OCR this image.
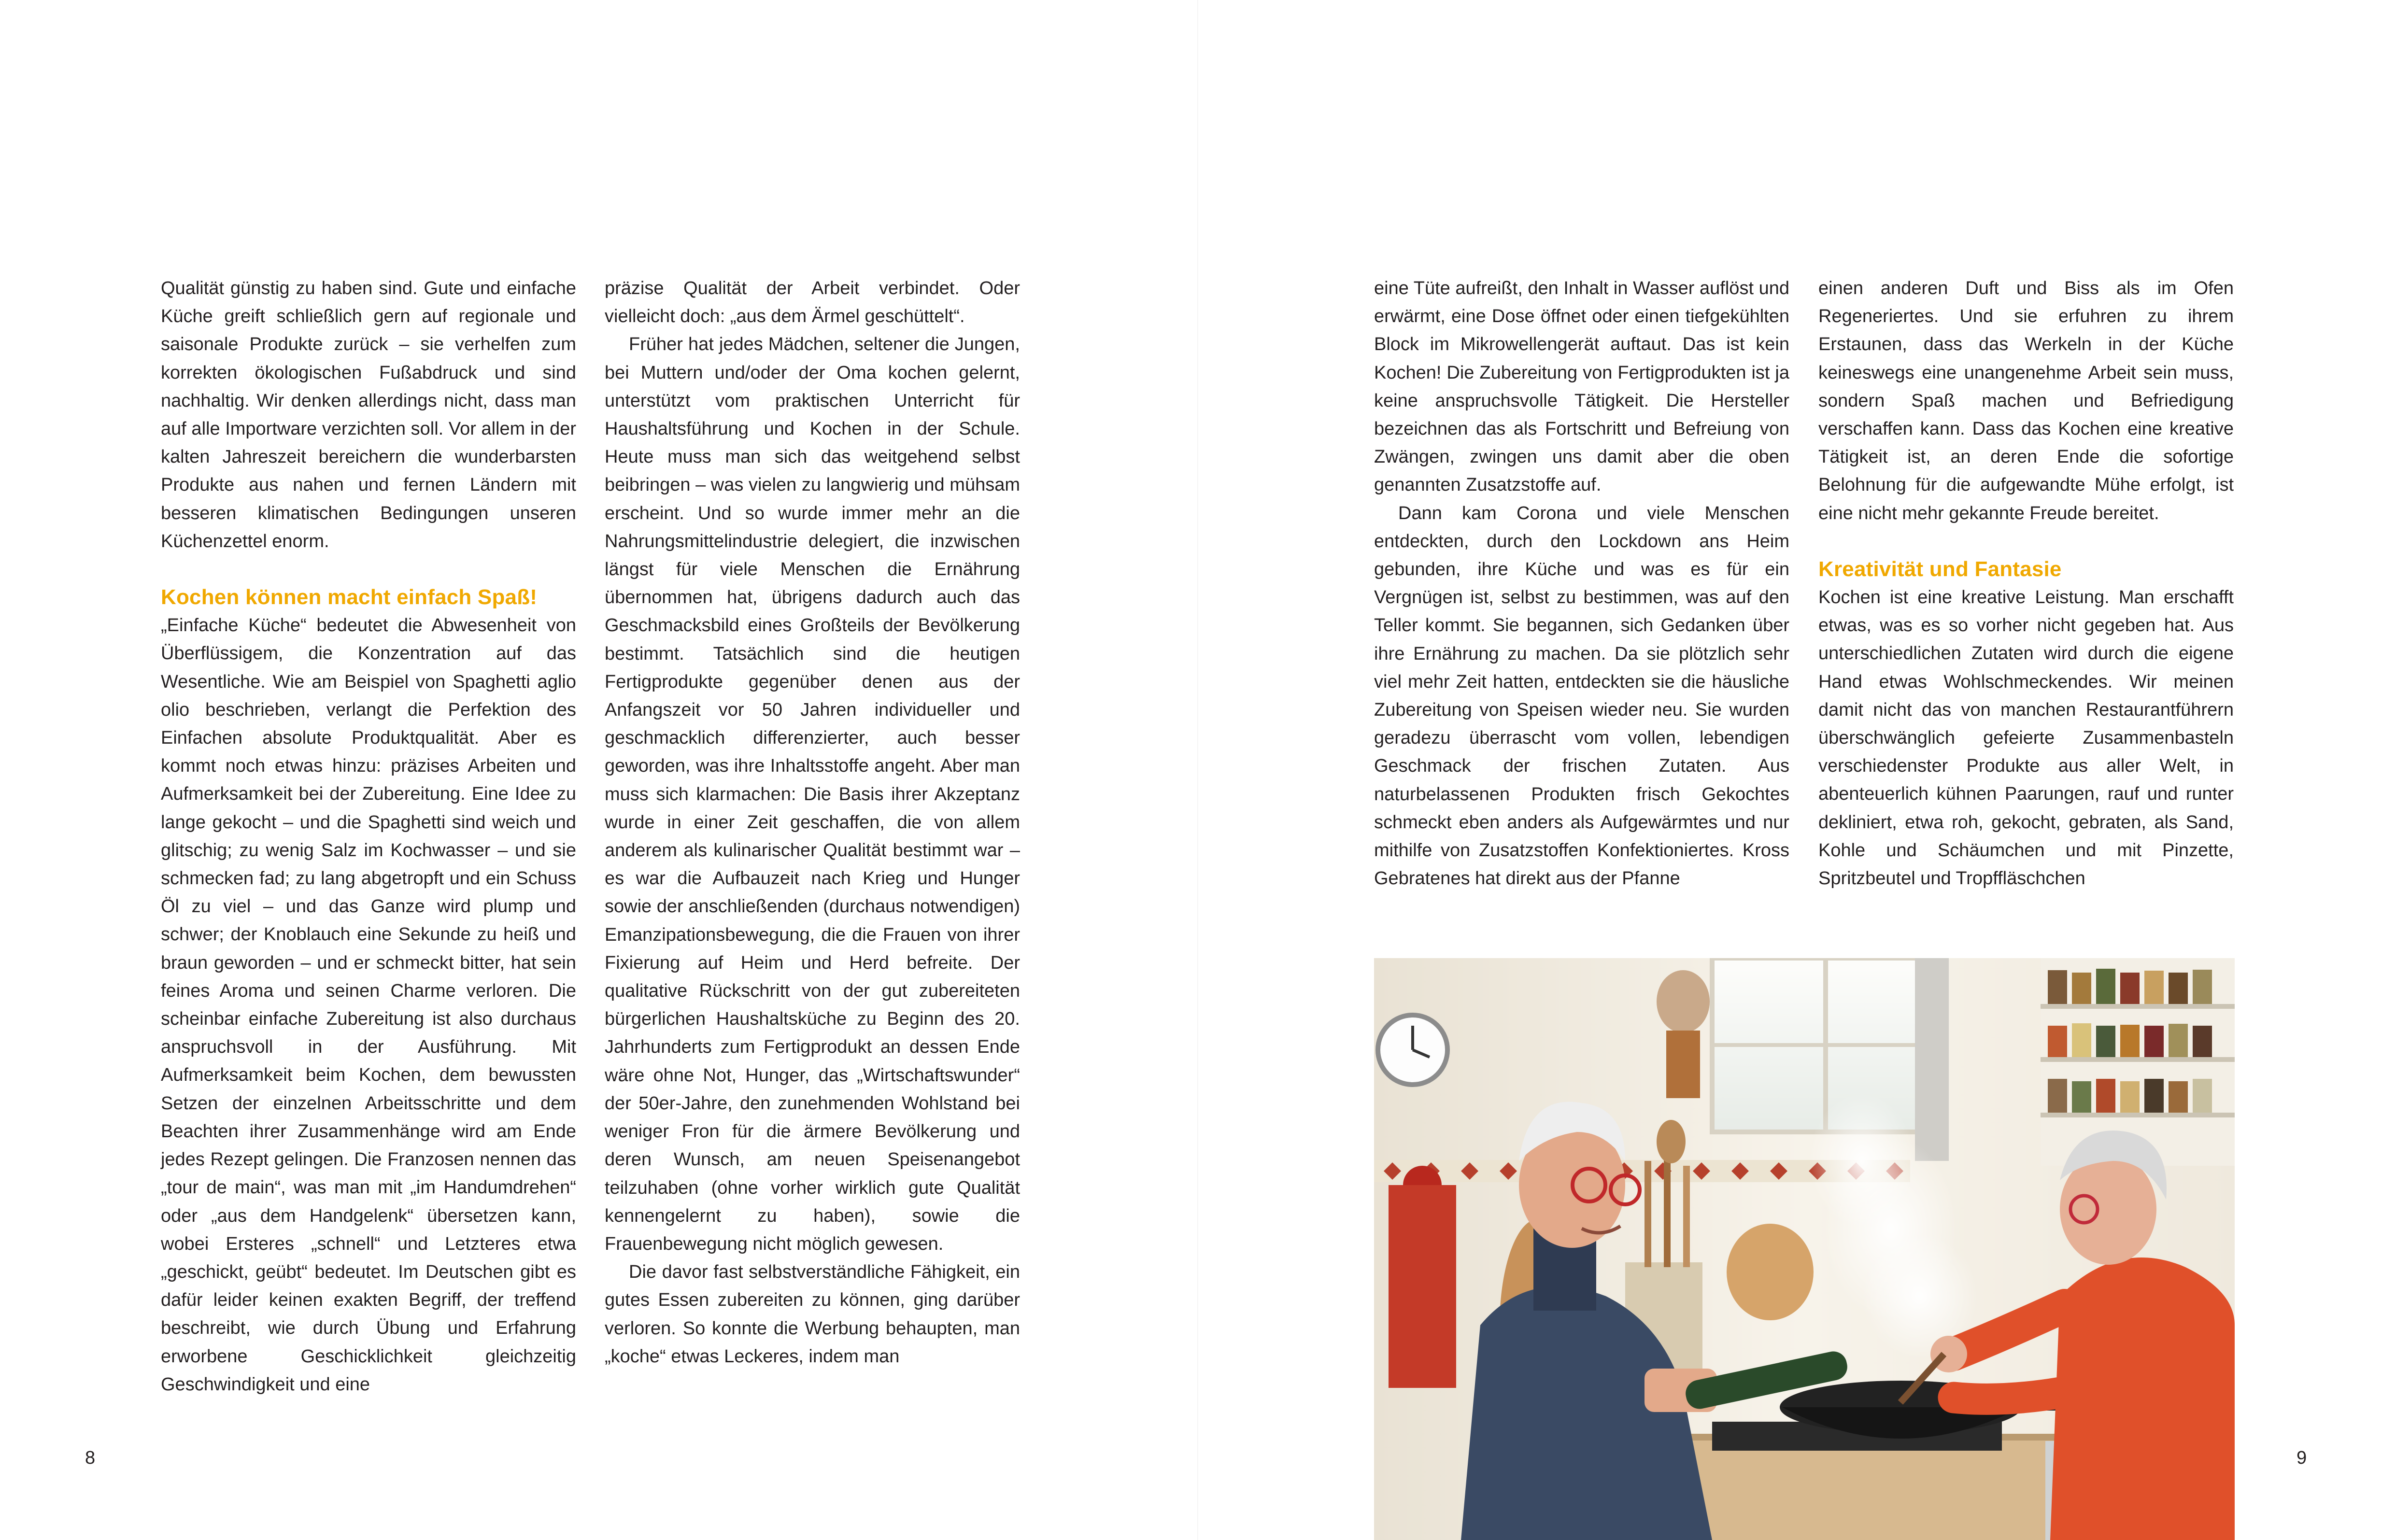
Qualität günstig zu haben sind. Gute und einfache Küche greift schließlich gern auf regionale und saisonale Produkte zurück – sie verhelfen zum korrekten ökologischen Fußabdruck und sind nachhaltig. Wir denken allerdings nicht, dass man auf alle Importware verzichten soll. Vor allem in der kalten Jahreszeit bereichern die wunderbarsten Produkte aus nahen und fernen Ländern mit besseren klimatischen Bedingungen unseren Küchenzettel enorm.

Kochen können macht einfach Spaß!

„Einfache Küche“ bedeutet die Abwesenheit von Überflüssigem, die Konzentration auf das Wesentliche. Wie am Beispiel von Spaghetti aglio olio beschrieben, verlangt die Perfektion des Einfachen absolute Produktqualität. Aber es kommt noch etwas hinzu: präzises Arbeiten und Aufmerksamkeit bei der Zubereitung. Eine Idee zu lange gekocht – und die Spaghetti sind weich und glitschig; zu wenig Salz im Kochwasser – und sie schmecken fad; zu lang abgetropft und ein Schuss Öl zu viel – und das Ganze wird plump und schwer; der Knoblauch eine Sekunde zu heiß und braun geworden – und er schmeckt bitter, hat sein feines Aroma und seinen Charme verloren. Die scheinbar einfache Zubereitung ist also durchaus anspruchsvoll in der Ausführung. Mit Aufmerksamkeit beim Kochen, dem bewussten Setzen der einzelnen Arbeitsschritte und dem Beachten ihrer Zusammenhänge wird am Ende jedes Rezept gelingen. Die Franzosen nennen das „tour de main“, was man mit „im Handumdrehen“ oder „aus dem Handgelenk“ übersetzen kann, wobei Ersteres „schnell“ und Letzteres etwa „geschickt, geübt“ bedeutet. Im Deutschen gibt es dafür leider keinen exakten Begriff, der treffend beschreibt, wie durch Übung und Erfahrung erworbene Geschicklichkeit gleichzeitig Geschwindigkeit und eine

präzise Qualität der Arbeit verbindet. Oder vielleicht doch: „aus dem Ärmel geschüttelt“.

Früher hat jedes Mädchen, seltener die Jungen, bei Muttern und/oder der Oma kochen gelernt, unterstützt vom praktischen Unterricht für Haushaltsführung und Kochen in der Schule. Heute muss man sich das weitgehend selbst beibringen – was vielen zu langwierig und mühsam erscheint. Und so wurde immer mehr an die Nahrungsmittelindustrie delegiert, die inzwischen längst für viele Menschen die Ernährung übernommen hat, übrigens dadurch auch das Geschmacksbild eines Großteils der Bevölkerung bestimmt. Tatsächlich sind die heutigen Fertigprodukte gegenüber denen aus der Anfangszeit vor 50 Jahren individueller und geschmacklich differenzierter, auch besser geworden, was ihre Inhaltsstoffe angeht. Aber man muss sich klarmachen: Die Basis ihrer Akzeptanz wurde in einer Zeit geschaffen, die von allem anderem als kulinarischer Qualität bestimmt war – es war die Aufbauzeit nach Krieg und Hunger sowie der anschließenden (durchaus notwendigen) Emanzipationsbewegung, die die Frauen von ihrer Fixierung auf Heim und Herd befreite. Der qualitative Rückschritt von der gut zubereiteten bürgerlichen Haushaltsküche zu Beginn des 20. Jahrhunderts zum Fertigprodukt an dessen Ende wäre ohne Not, Hunger, das „Wirtschaftswunder“ der 50er-Jahre, den zunehmenden Wohlstand bei weniger Fron für die ärmere Bevölkerung und deren Wunsch, am neuen Speisenangebot teilzuhaben (ohne vorher wirklich gute Qualität kennengelernt zu haben), sowie die Frauenbewegung nicht möglich gewesen.

Die davor fast selbstverständliche Fähigkeit, ein gutes Essen zubereiten zu können, ging darüber verloren. So konnte die Werbung behaupten, man „koche“ etwas Leckeres, indem man

8

eine Tüte aufreißt, den Inhalt in Wasser auflöst und erwärmt, eine Dose öffnet oder einen tiefgekühlten Block im Mikrowellengerät auftaut. Das ist kein Kochen! Die Zubereitung von Fertigprodukten ist ja keine anspruchsvolle Tätigkeit. Die Hersteller bezeichnen das als Fortschritt und Befreiung von Zwängen, zwingen uns damit aber die oben genannten Zusatzstoffe auf.

Dann kam Corona und viele Menschen entdeckten, durch den Lockdown ans Heim gebunden, ihre Küche und was es für ein Vergnügen ist, selbst zu bestimmen, was auf den Teller kommt. Sie begannen, sich Gedanken über ihre Ernährung zu machen. Da sie plötzlich sehr viel mehr Zeit hatten, entdeckten sie die häusliche Zubereitung von Speisen wieder neu. Sie wurden geradezu überrascht vom vollen, lebendigen Geschmack der frischen Zutaten. Aus naturbelassenen Produkten frisch Gekochtes schmeckt eben anders als Aufgewärmtes und nur mithilfe von Zusatzstoffen Konfektioniertes. Kross Gebratenes hat direkt aus der Pfanne

einen anderen Duft und Biss als im Ofen Regeneriertes. Und sie erfuhren zu ihrem Erstaunen, dass das Werkeln in der Küche keineswegs eine unangenehme Arbeit sein muss, sondern Spaß machen und Befriedigung verschaffen kann. Dass das Kochen eine kreative Tätigkeit ist, an deren Ende die sofortige Belohnung für die aufgewandte Mühe erfolgt, ist eine nicht mehr gekannte Freude bereitet.

Kreativität und Fantasie

Kochen ist eine kreative Leistung. Man erschafft etwas, was es so vorher nicht gegeben hat. Aus unterschiedlichen Zutaten wird durch die eigene Hand etwas Wohlschmeckendes. Wir meinen damit nicht das von manchen Restaurantführern überschwänglich gefeierte Zusammenbasteln verschiedenster Produkte aus aller Welt, in abenteuerlich kühnen Paarungen, rauf und runter dekliniert, etwa roh, gekocht, gebraten, als Sand, Kohle und Schäumchen und mit Pinzette, Spritzbeutel und Tropffläschchen

9
